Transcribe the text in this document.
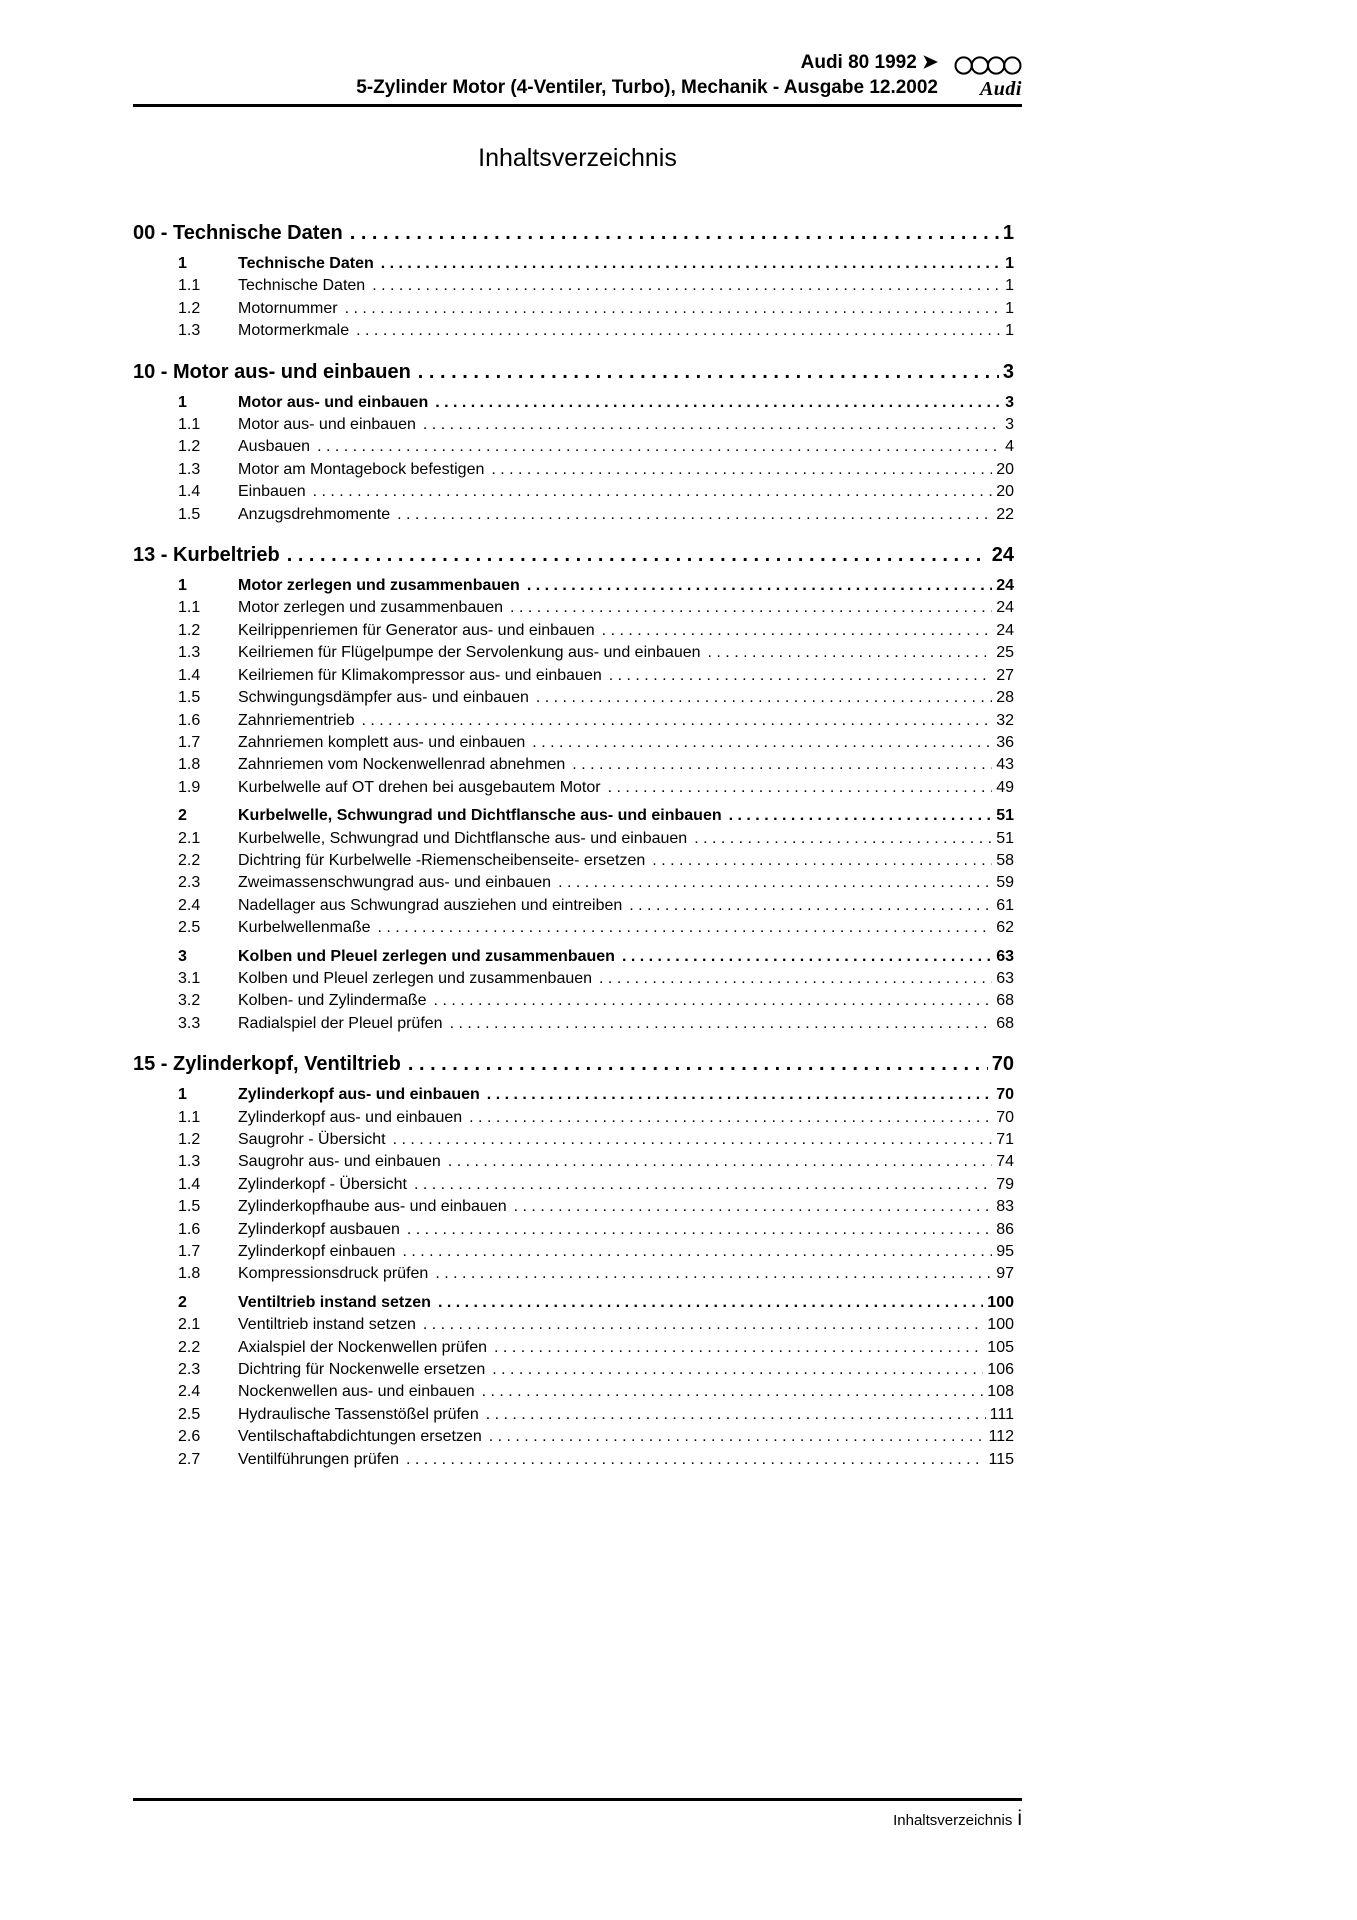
Audi 80 1992 ➤
5-Zylinder Motor (4-Ventiler, Turbo), Mechanik - Ausgabe 12.2002 Audi
Inhaltsverzeichnis
00 - Technische Daten . . .	1
1	Technische Daten . . .	1
1.1	Technische Daten . . .	1
1.2	Motornummer . . .	1
1.3	Motormerkmale . . .	1
10 - Motor aus- und einbauen . . .	3
1	Motor aus- und einbauen . . .	3
1.1	Motor aus- und einbauen . . .	3
1.2	Ausbauen . . .	4
1.3	Motor am Montagebock befestigen . . .	20
1.4	Einbauen . . .	20
1.5	Anzugsdrehmomente . . .	22
13 - Kurbeltrieb . . .	24
1	Motor zerlegen und zusammenbauen . . .	24
1.1	Motor zerlegen und zusammenbauen . . .	24
1.2	Keilrippenriemen für Generator aus- und einbauen . . .	24
1.3	Keilriemen für Flügelpumpe der Servolenkung aus- und einbauen . . .	25
1.4	Keilriemen für Klimakompressor aus- und einbauen . . .	27
1.5	Schwingungsdämpfer aus- und einbauen . . .	28
1.6	Zahnriementrieb . . .	32
1.7	Zahnriemen komplett aus- und einbauen . . .	36
1.8	Zahnriemen vom Nockenwellenrad abnehmen . . .	43
1.9	Kurbelwelle auf OT drehen bei ausgebautem Motor . . .	49
2	Kurbelwelle, Schwungrad und Dichtflansche aus- und einbauen . . .	51
2.1	Kurbelwelle, Schwungrad und Dichtflansche aus- und einbauen . . .	51
2.2	Dichtring für Kurbelwelle -Riemenscheibenseite- ersetzen . . .	58
2.3	Zweimassenschwungrad aus- und einbauen . . .	59
2.4	Nadellager aus Schwungrad ausziehen und eintreiben . . .	61
2.5	Kurbelwellenmaße . . .	62
3	Kolben und Pleuel zerlegen und zusammenbauen . . .	63
3.1	Kolben und Pleuel zerlegen und zusammenbauen . . .	63
3.2	Kolben- und Zylindermaße . . .	68
3.3	Radialspiel der Pleuel prüfen . . .	68
15 - Zylinderkopf, Ventiltrieb . . .	70
1	Zylinderkopf aus- und einbauen . . .	70
1.1	Zylinderkopf aus- und einbauen . . .	70
1.2	Saugrohr - Übersicht . . .	71
1.3	Saugrohr aus- und einbauen . . .	74
1.4	Zylinderkopf - Übersicht . . .	79
1.5	Zylinderkopfhaube aus- und einbauen . . .	83
1.6	Zylinderkopf ausbauen . . .	86
1.7	Zylinderkopf einbauen . . .	95
1.8	Kompressionsdruck prüfen . . .	97
2	Ventiltrieb instand setzen . . .	100
2.1	Ventiltrieb instand setzen . . .	100
2.2	Axialspiel der Nockenwellen prüfen . . .	105
2.3	Dichtring für Nockenwelle ersetzen . . .	106
2.4	Nockenwellen aus- und einbauen . . .	108
2.5	Hydraulische Tassenstößel prüfen . . .	111
2.6	Ventilschaftabdichtungen ersetzen . . .	112
2.7	Ventilführungen prüfen . . .	115
Inhaltsverzeichnis i
